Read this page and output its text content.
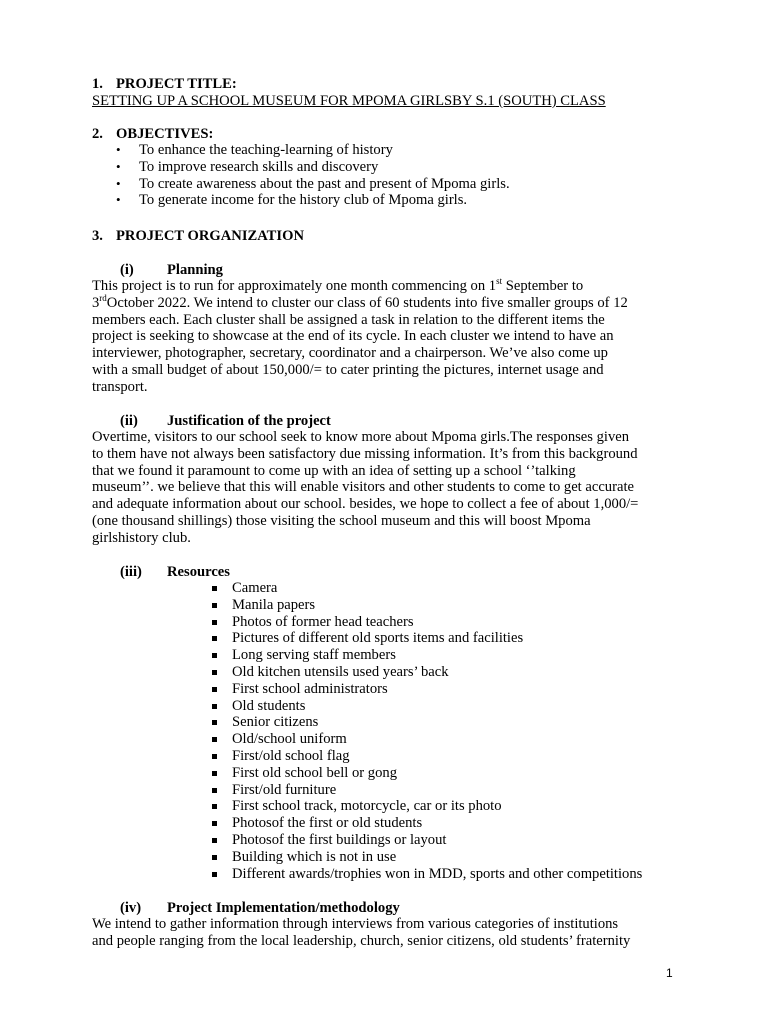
1. PROJECT TITLE:
SETTING UP A SCHOOL MUSEUM FOR MPOMA GIRLSBY S.1 (SOUTH) CLASS
2. OBJECTIVES:
• To enhance the teaching-learning of history
• To improve research skills and discovery
• To create awareness about the past and present of Mpoma girls.
• To generate income for the history club of Mpoma girls.
3. PROJECT ORGANIZATION
(i) Planning
This project is to run for approximately one month commencing on 1st September to
3rdOctober 2022. We intend to cluster our class of 60 students into five smaller groups of 12
members each. Each cluster shall be assigned a task in relation to the different items the
project is seeking to showcase at the end of its cycle. In each cluster we intend to have an
interviewer, photographer, secretary, coordinator and a chairperson. We’ve also come up
with a small budget of about 150,000/= to cater printing the pictures, internet usage and
transport.
(ii) Justification of the project
Overtime, visitors to our school seek to know more about Mpoma girls.The responses given
to them have not always been satisfactory due missing information. It’s from this background
that we found it paramount to come up with an idea of setting up a school ‘’talking
museum’’. we believe that this will enable visitors and other students to come to get accurate
and adequate information about our school. besides, we hope to collect a fee of about 1,000/=
(one thousand shillings) those visiting the school museum and this will boost Mpoma
girlshistory club.
(iii) Resources
Camera
Manila papers
Photos of former head teachers
Pictures of different old sports items and facilities
Long serving staff members
Old kitchen utensils used years’ back
First school administrators
Old students
Senior citizens
Old/school uniform
First/old school flag
First old school bell or gong
First/old furniture
First school track, motorcycle, car or its photo
Photosof the first or old students
Photosof the first buildings or layout
Building which is not in use
Different awards/trophies won in MDD, sports and other competitions
(iv) Project Implementation/methodology
We intend to gather information through interviews from various categories of institutions
and people ranging from the local leadership, church, senior citizens, old students’ fraternity
1
